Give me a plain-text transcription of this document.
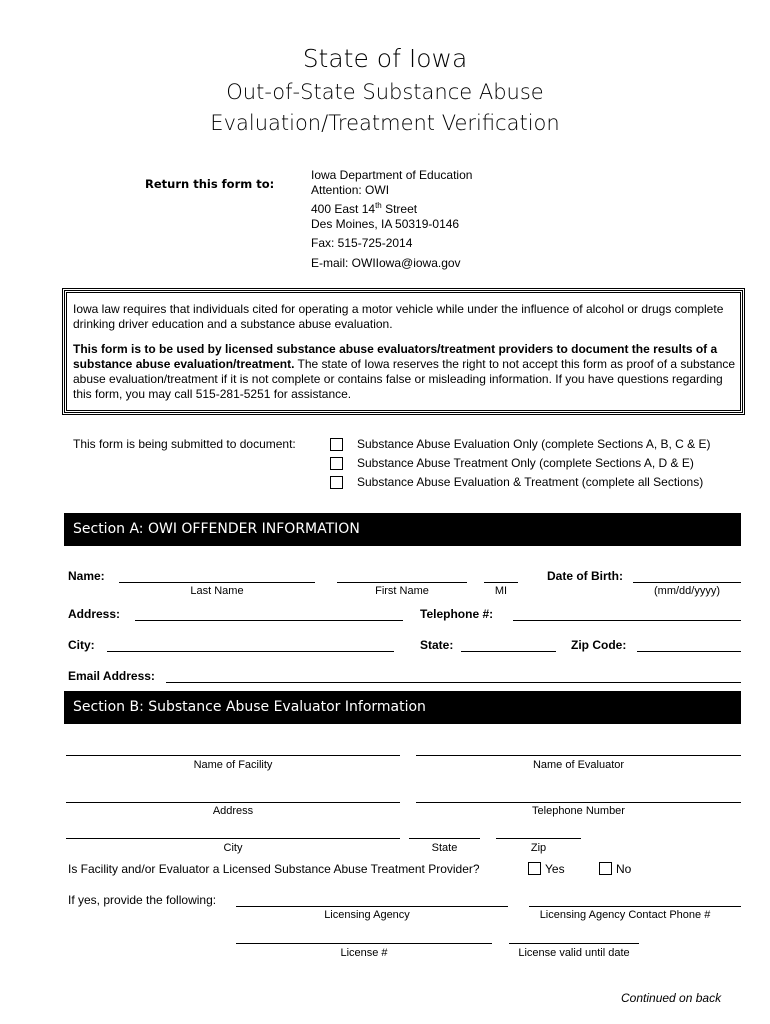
State of Iowa
Out-of-State Substance Abuse
Evaluation/Treatment Verification
Return this form to:
Iowa Department of Education
Attention: OWI
400 East 14th Street
Des Moines, IA 50319-0146
Fax: 515-725-2014
E-mail: OWIIowa@iowa.gov

Iowa law requires that individuals cited for operating a motor vehicle while under the influence of alcohol or drugs complete drinking driver education and a substance abuse evaluation.

This form is to be used by licensed substance abuse evaluators/treatment providers to document the results of a substance abuse evaluation/treatment. The state of Iowa reserves the right to not accept this form as proof of a substance abuse evaluation/treatment if it is not complete or contains false or misleading information. If you have questions regarding this form, you may call 515-281-5251 for assistance.

This form is being submitted to document:	Substance Abuse Evaluation Only (complete Sections A, B, C & E)
Substance Abuse Treatment Only (complete Sections A, D & E)
Substance Abuse Evaluation & Treatment (complete all Sections)
Section A: OWI OFFENDER INFORMATION
Name:
Last Name	First Name	MI
Date of Birth:
(mm/dd/yyyy)
Address:	Telephone #:
City:	State:	Zip Code:
Email Address:
Section B: Substance Abuse Evaluator Information
Name of Facility	Name of Evaluator
Address	Telephone Number
City	State	Zip
Is Facility and/or Evaluator a Licensed Substance Abuse Treatment Provider?	Yes	No
If yes, provide the following:
Licensing Agency	Licensing Agency Contact Phone #
License #	License valid until date
Continued on back
